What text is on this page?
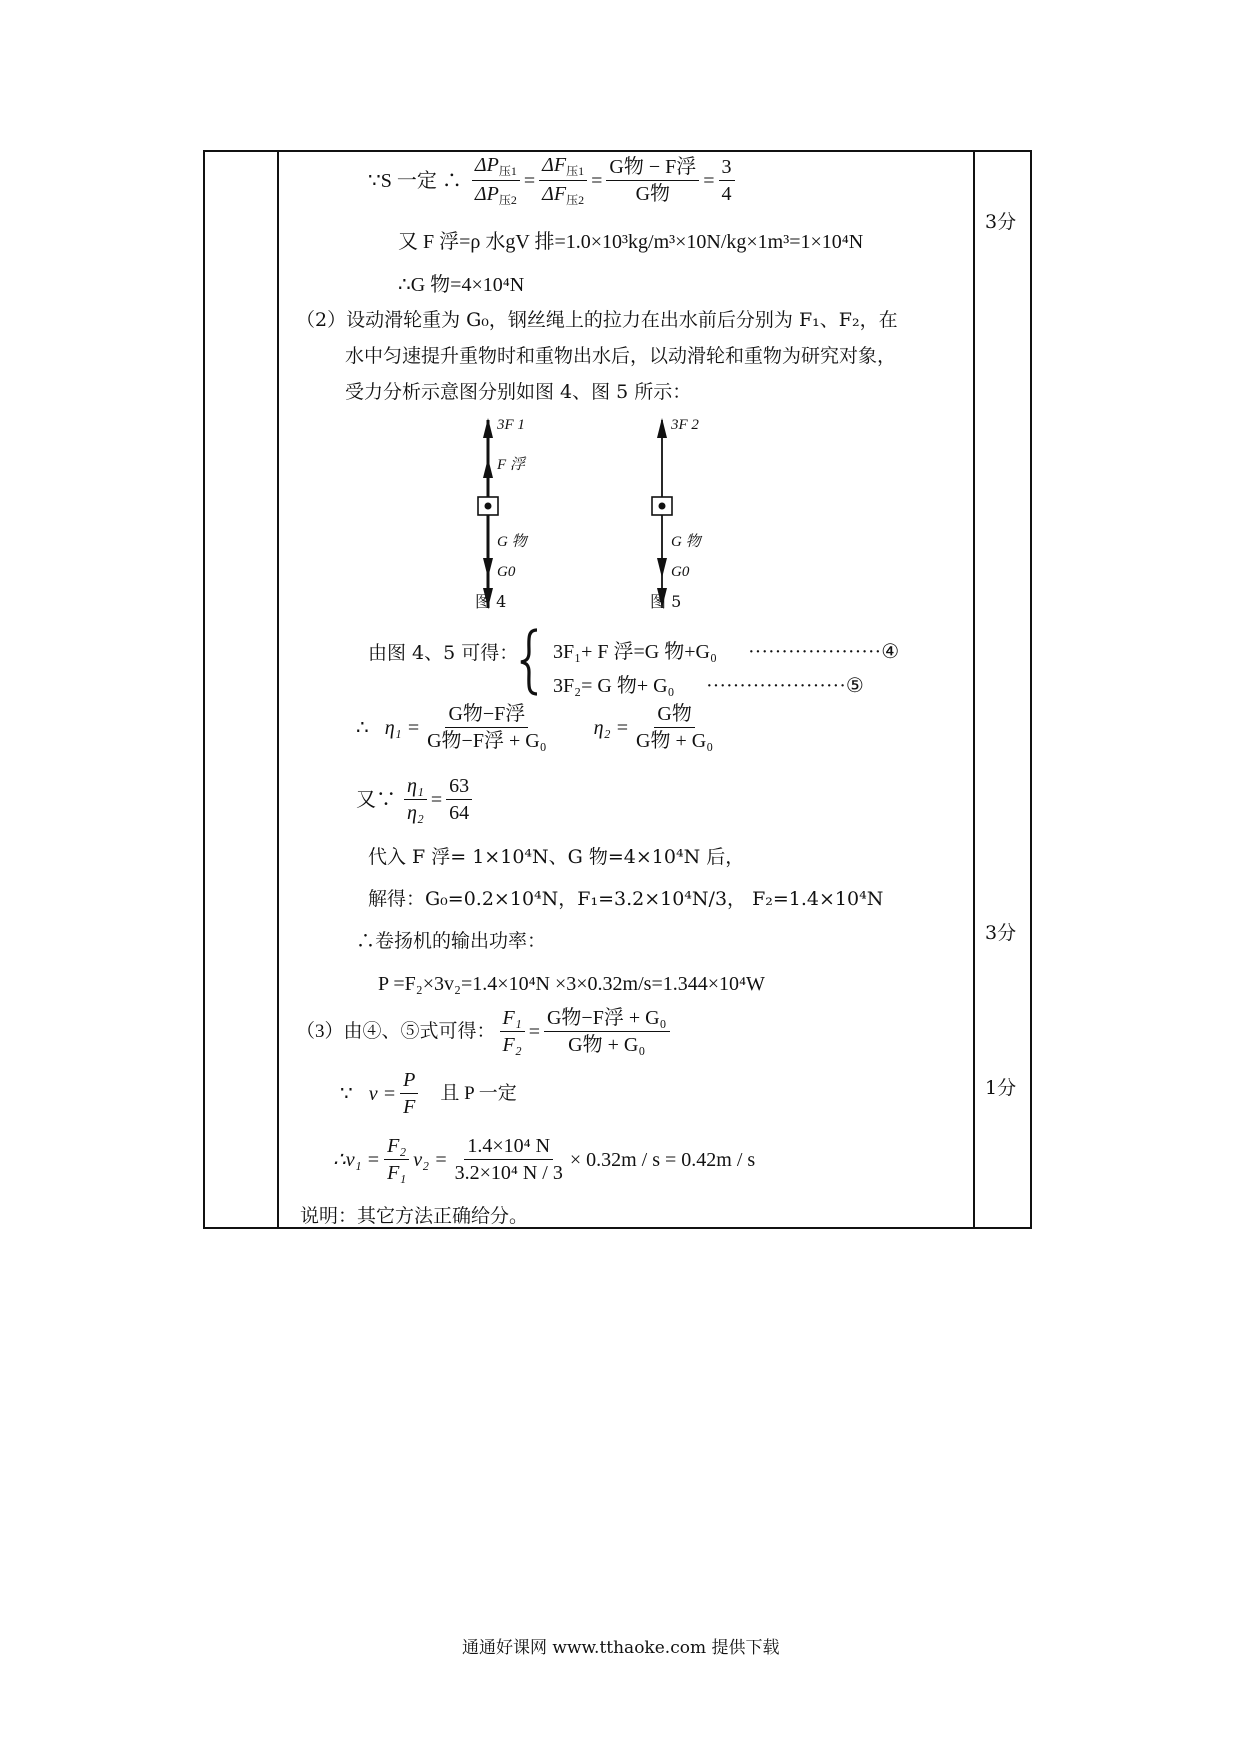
3分
3分
1分
∵S 一定 ∴ $\frac{\Delta P_{压1}}{\Delta P_{压2}} = \frac{\Delta F_{压1}}{\Delta F_{压2}} = \frac{\text{G物 − F浮}}{\text{G物}} = \frac{3}{4}$
又 F 浮=ρ 水gV 排=1.0×10³kg/m³×10N/kg×1m³=1×10⁴N
∴G 物=4×10⁴N
（2）设动滑轮重为 G₀，钢丝绳上的拉力在出水前后分别为 F₁、F₂，在
水中匀速提升重物时和重物出水后，以动滑轮和重物为研究对象，
受力分析示意图分别如图 4、图 5 所示：
3F 1
F 浮
G 物
G0
图 4
3F 2
G 物
G0
图 5
由图 4、5 可得： 3F₁+ F 浮=G 物+G₀ ····················④
3F₂= G 物+ G₀ ·····················⑤
∴ $\eta_1 = \frac{\text{G物−F浮}}{\text{G物−F浮 + G₀}} \eta_2 = \frac{\text{G物}}{\text{G物 + G₀}}$
又∵ $\frac{\text{η₁}}{\text{η₂}} = \frac{63}{64}$
代入 F 浮= 1×10⁴N、G 物=4×10⁴N 后，
解得：G₀=0.2×10⁴N，F₁=3.2×10⁴N/3， F₂=1.4×10⁴N
∴卷扬机的输出功率：
P =F₂×3v₂=1.4×10⁴N ×3×0.32m/s=1.344×10⁴W
（3）由④、⑤式可得： $\frac{\text{F₁}}{\text{F₂}} = \frac{\text{G物−F浮 + G₀}}{\text{G物 + G₀}}$
∵ $v = \frac{P}{F}$ 且 P 一定
∴v₁ = $\frac{\text{F₂}}{\text{F₁}} v_2 = \frac{\text{1.4×10⁴ N}}{\text{3.2×10⁴ N / 3}} \times 0.32m / s = 0.42m / s$
说明：其它方法正确给分。
通通好课网 www.tthaoke.com 提供下载
